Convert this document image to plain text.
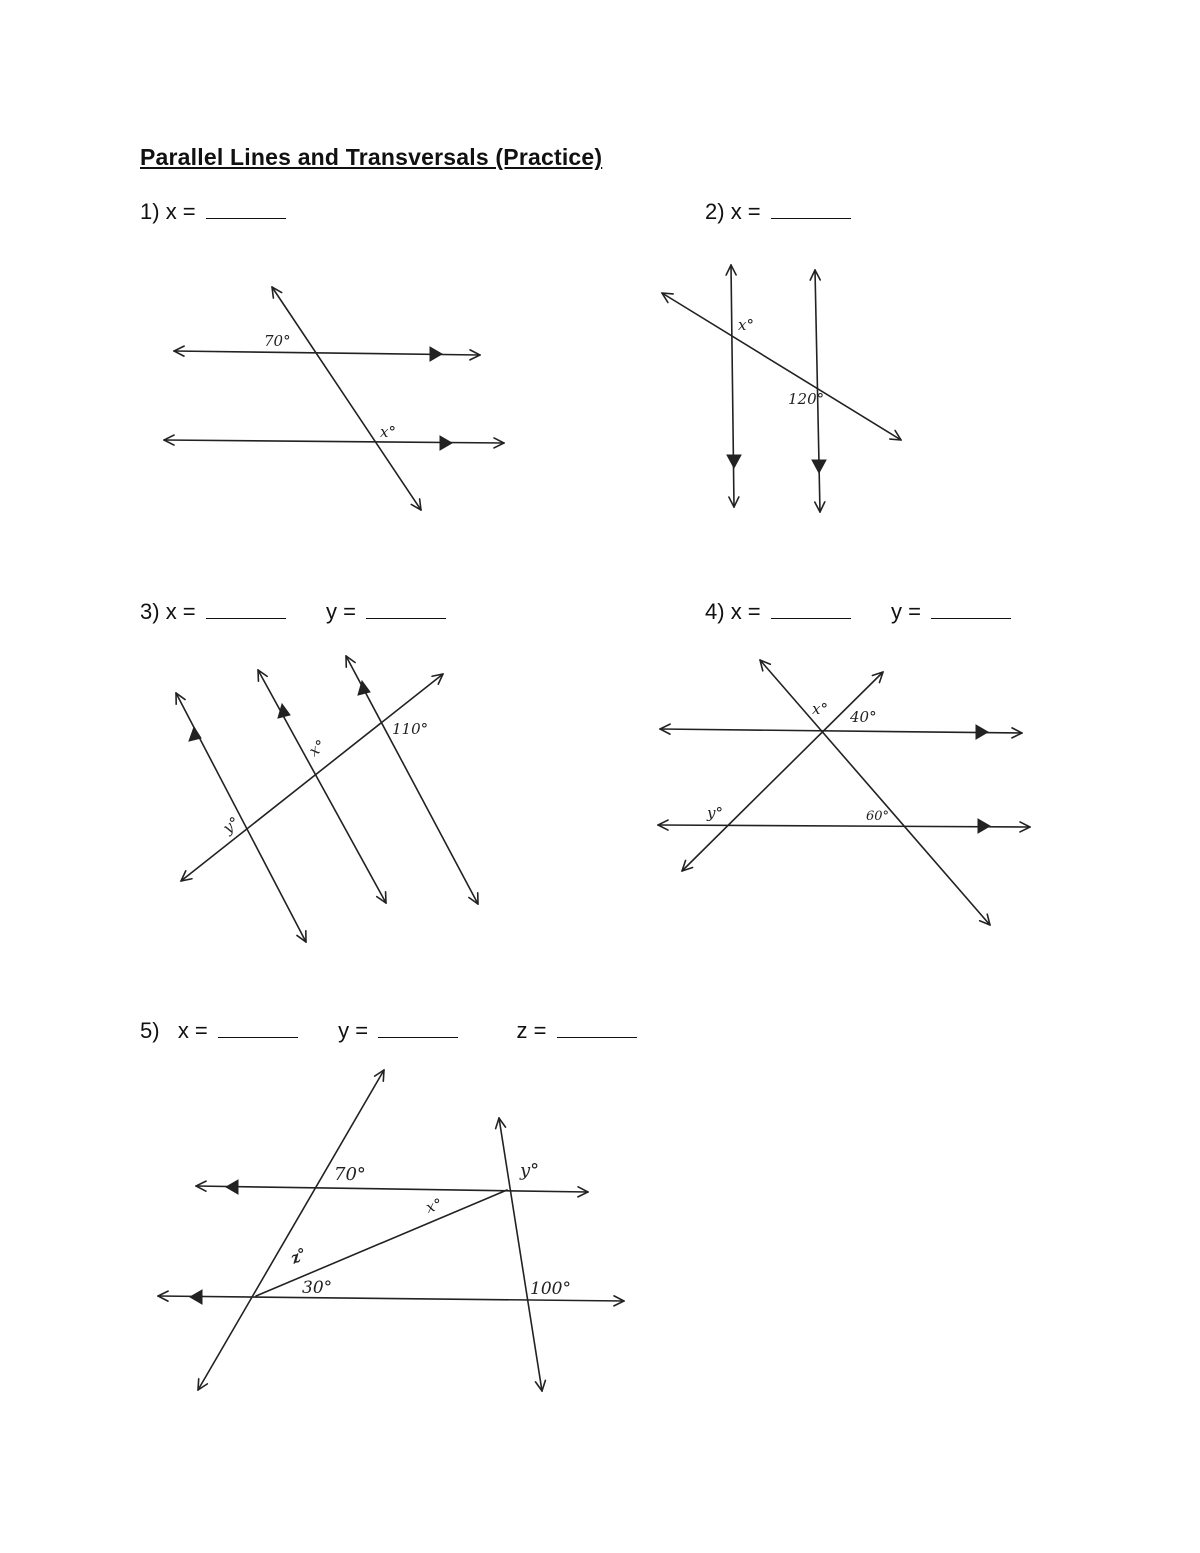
Parallel Lines and Transversals (Practice)
1) x =	2) x =
3) x =	y =	4) x =	y =
5) x =	y =	z =
70°
x°
x°
120°
110°
x°
y°
x° 40°
y°	60°
70°	y°
x°
z°
30°	100°
